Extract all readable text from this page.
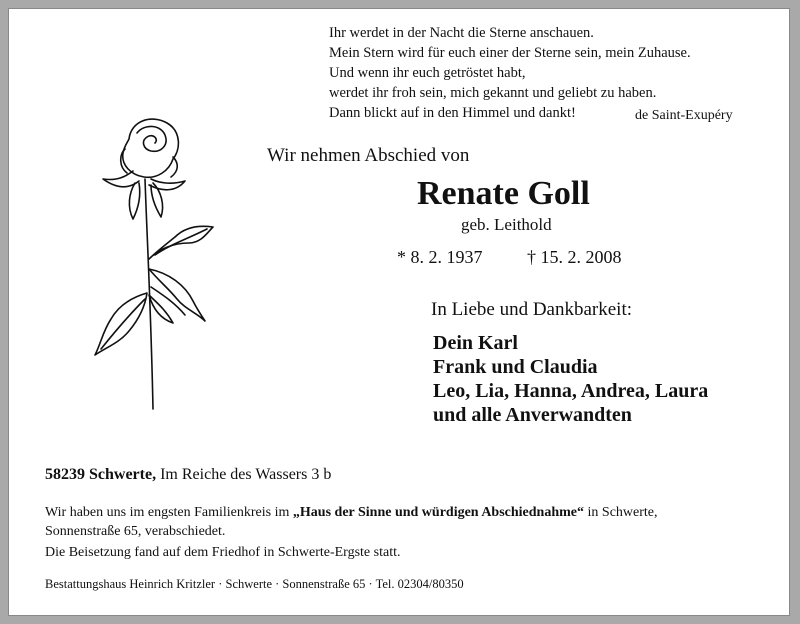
Ihr werdet in der Nacht die Sterne anschauen.
Mein Stern wird für euch einer der Sterne sein, mein Zuhause.
Und wenn ihr euch getröstet habt,
werdet ihr froh sein, mich gekannt und geliebt zu haben.
Dann blickt auf in den Himmel und dankt!	de Saint-Exupéry
Wir nehmen Abschied von
Renate Goll
geb. Leithold
* 8. 2. 1937 † 15. 2. 2008
In Liebe und Dankbarkeit:
Dein Karl
Frank und Claudia
Leo, Lia, Hanna, Andrea, Laura
und alle Anverwandten
58239 Schwerte, Im Reiche des Wassers 3 b
Wir haben uns im engsten Familienkreis im „Haus der Sinne und würdigen Abschiednahme“ in Schwerte,
Sonnenstraße 65, verabschiedet.
Die Beisetzung fand auf dem Friedhof in Schwerte-Ergste statt.
Bestattungshaus Heinrich Kritzler · Schwerte · Sonnenstraße 65 · Tel. 02304/80350
